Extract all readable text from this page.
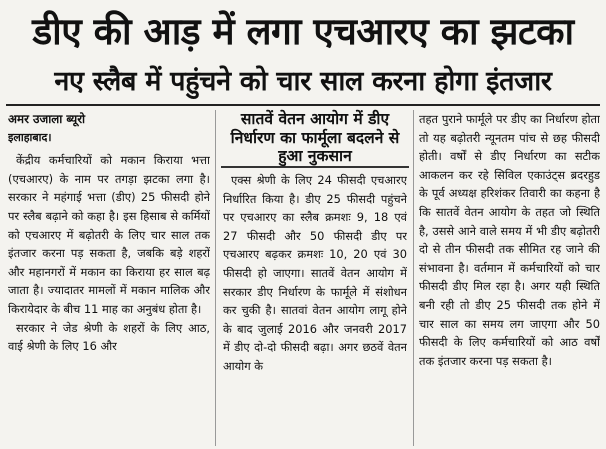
डीए की आड़ में लगा एचआरए का झटका
नए स्लैब में पहुंचने को चार साल करना होगा इंतजार

अमर उजाला ब्यूरो

इलाहाबाद।

केंद्रीय कर्मचारियों को मकान किराया भत्ता (एचआरए) के नाम पर तगड़ा झटका लगा है। सरकार ने महंगाई भत्ता (डीए) 25 फीसदी होने पर स्लैब बढ़ाने को कहा है। इस हिसाब से कर्मियों को एचआरए में बढ़ोतरी के लिए चार साल तक इंतजार करना पड़ सकता है, जबकि बड़े शहरों और महानगरों में मकान का किराया हर साल बढ़ जाता है। ज्यादातर मामलों में मकान मालिक और किरायेदार के बीच 11 माह का अनुबंध होता है।

सरकार ने जेड श्रेणी के शहरों के लिए आठ, वाई श्रेणी के लिए 16 और

सातवें वेतन आयोग में डीए निर्धारण का फार्मूला बदलने से हुआ नुकसान

एक्स श्रेणी के लिए 24 फीसदी एचआरए निर्धारित किया है। डीए 25 फीसदी पहुंचने पर एचआरए का स्लैब क्रमशः 9, 18 एवं 27 फीसदी और 50 फीसदी डीए पर एचआरए बढ़कर क्रमशः 10, 20 एवं 30 फीसदी हो जाएगा। सातवें वेतन आयोग में सरकार डीए निर्धारण के फार्मूले में संशोधन कर चुकी है। सातवां वेतन आयोग लागू होने के बाद जुलाई 2016 और जनवरी 2017 में डीए दो-दो फीसदी बढ़ा। अगर छठवें वेतन आयोग के

तहत पुराने फार्मूले पर डीए का निर्धारण होता तो यह बढ़ोतरी न्यूनतम पांच से छह फीसदी होती। वर्षों से डीए निर्धारण का सटीक आकलन कर रहे सिविल एकाउंट्स ब्रदरहुड के पूर्व अध्यक्ष हरिशंकर तिवारी का कहना है कि सातवें वेतन आयोग के तहत जो स्थिति है, उससे आने वाले समय में भी डीए बढ़ोतरी दो से तीन फीसदी तक सीमित रह जाने की संभावना है। वर्तमान में कर्मचारियों को चार फीसदी डीए मिल रहा है। अगर यही स्थिति बनी रही तो डीए 25 फीसदी तक होने में चार साल का समय लग जाएगा और 50 फीसदी के लिए कर्मचारियों को आठ वर्षों तक इंतजार करना पड़ सकता है।
